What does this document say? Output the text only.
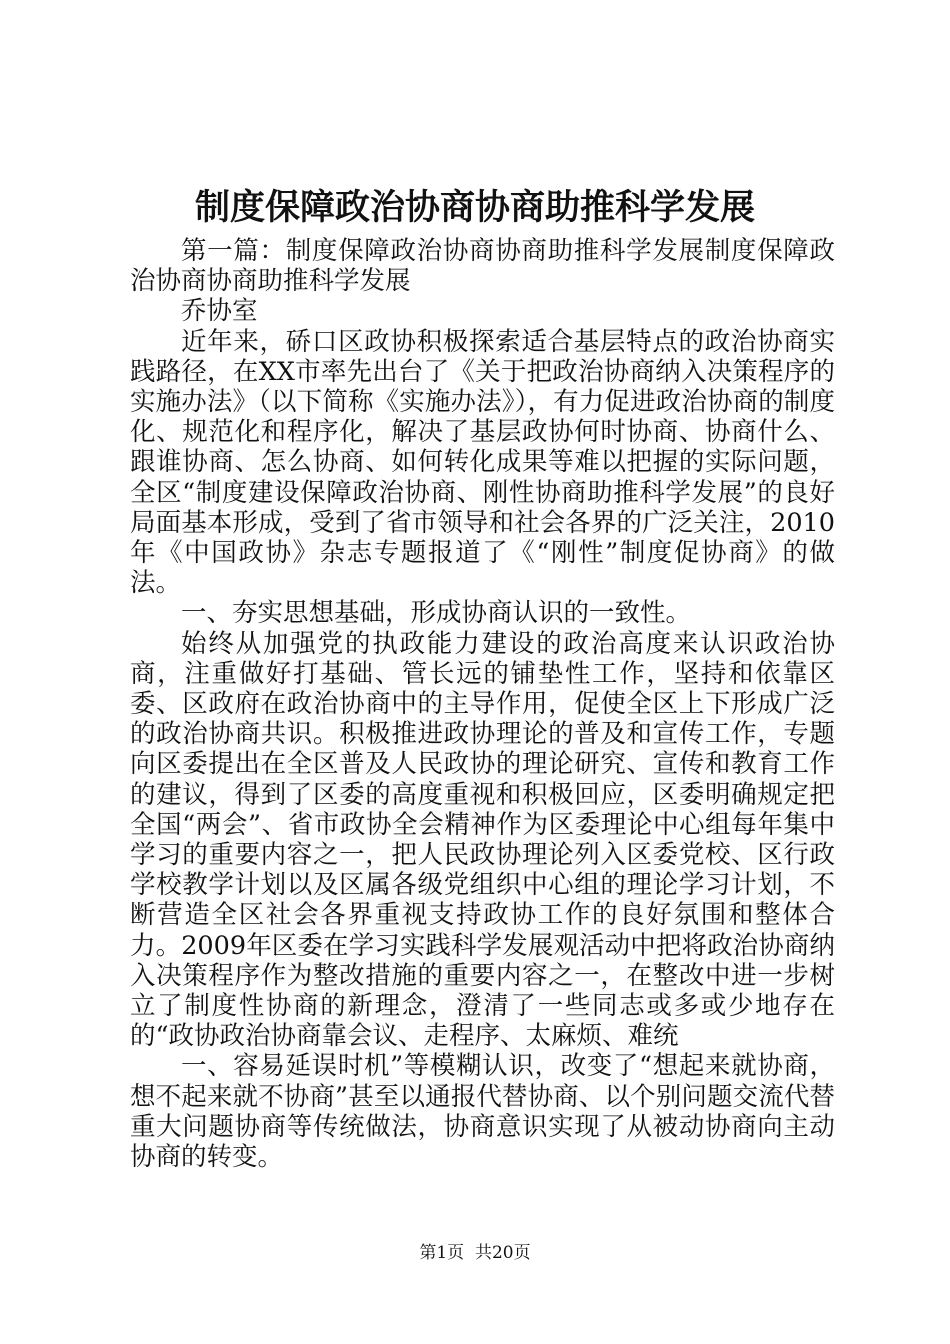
制度保障政治协商协商助推科学发展

第一篇：制度保障政治协商协商助推科学发展制度保障政治协商协商助推科学发展

乔协室

近年来，硚口区政协积极探索适合基层特点的政治协商实践路径，在XX市率先出台了《关于把政治协商纳入决策程序的实施办法》（以下简称《实施办法》），有力促进政治协商的制度化、规范化和程序化，解决了基层政协何时协商、协商什么、跟谁协商、怎么协商、如何转化成果等难以把握的实际问题，全区“制度建设保障政治协商、刚性协商助推科学发展”的良好局面基本形成，受到了省市领导和社会各界的广泛关注，2010年《中国政协》杂志专题报道了《“刚性”制度促协商》的做法。

一、夯实思想基础，形成协商认识的一致性。

始终从加强党的执政能力建设的政治高度来认识政治协商，注重做好打基础、管长远的铺垫性工作，坚持和依靠区委、区政府在政治协商中的主导作用，促使全区上下形成广泛的政治协商共识。积极推进政协理论的普及和宣传工作，专题向区委提出在全区普及人民政协的理论研究、宣传和教育工作的建议，得到了区委的高度重视和积极回应，区委明确规定把全国“两会”、省市政协全会精神作为区委理论中心组每年集中学习的重要内容之一，把人民政协理论列入区委党校、区行政学校教学计划以及区属各级党组织中心组的理论学习计划，不断营造全区社会各界重视支持政协工作的良好氛围和整体合力。2009年区委在学习实践科学发展观活动中把将政治协商纳入决策程序作为整改措施的重要内容之一，在整改中进一步树立了制度性协商的新理念，澄清了一些同志或多或少地存在的“政协政治协商靠会议、走程序、太麻烦、难统

一、容易延误时机”等模糊认识，改变了“想起来就协商，想不起来就不协商”甚至以通报代替协商、以个别问题交流代替重大问题协商等传统做法，协商意识实现了从被动协商向主动协商的转变。

第1页  共20页
